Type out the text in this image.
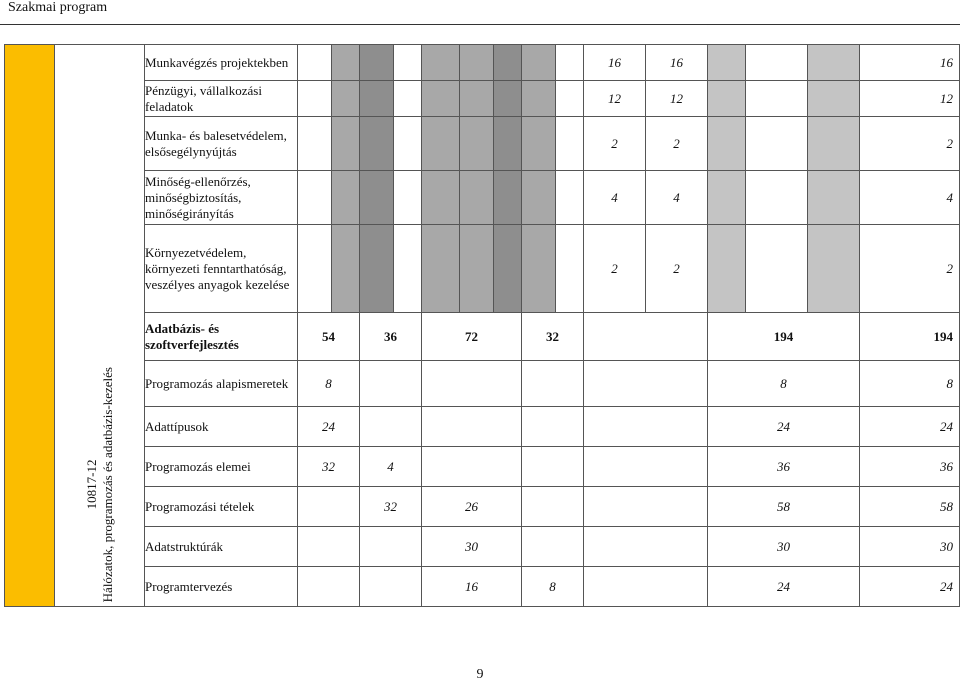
Szakmai program
	10817-12
Hálózatok, programozás és adatbázis-kezelés	Munkavégzés projektekben										16	16				16
		Pénzügyi, vállalkozási feladatok										12	12				12
		Munka- és balesetvédelem, elsősegélynyújtás										2	2				2
		Minőség-ellenőrzés, minőségbiztosítás, minőségirányítás										4	4				4
		Környezetvédelem, környezeti fenntarthatóság, veszélyes anyagok kezelése										2	2				2
		Adatbázis- és szoftverfejlesztés	54		36		72			32				194			194
		Programozás alapismeretek	8											8			8
		Adattípusok	24											24			24
		Programozás elemei	32		4									36			36
		Programozási tételek			32		26							58			58
		Adatstruktúrák					30							30			30
		Programtervezés					16			8				24			24
9
